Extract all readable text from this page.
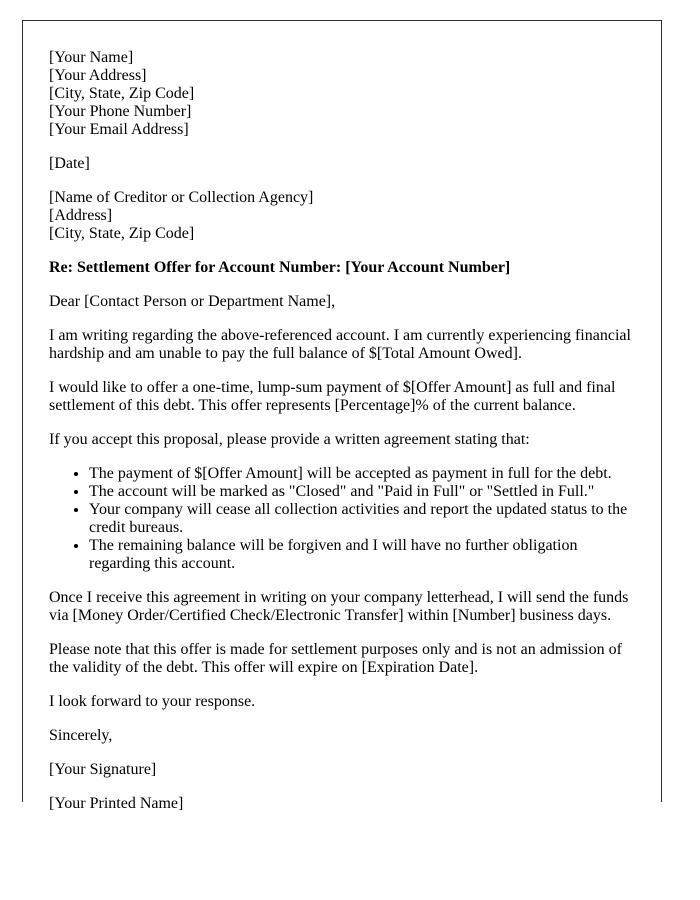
[Your Name]
[Your Address]
[City, State, Zip Code]
[Your Phone Number]
[Your Email Address]

[Date]

[Name of Creditor or Collection Agency]
[Address]
[City, State, Zip Code]

Re: Settlement Offer for Account Number: [Your Account Number]

Dear [Contact Person or Department Name],

I am writing regarding the above-referenced account. I am currently experiencing financial hardship and am unable to pay the full balance of $[Total Amount Owed].

I would like to offer a one-time, lump-sum payment of $[Offer Amount] as full and final settlement of this debt. This offer represents [Percentage]% of the current balance.

If you accept this proposal, please provide a written agreement stating that:

• The payment of $[Offer Amount] will be accepted as payment in full for the debt.
• The account will be marked as "Closed" and "Paid in Full" or "Settled in Full."
• Your company will cease all collection activities and report the updated status to the credit bureaus.
• The remaining balance will be forgiven and I will have no further obligation regarding this account.

Once I receive this agreement in writing on your company letterhead, I will send the funds via [Money Order/Certified Check/Electronic Transfer] within [Number] business days.

Please note that this offer is made for settlement purposes only and is not an admission of the validity of the debt. This offer will expire on [Expiration Date].

I look forward to your response.

Sincerely,

[Your Signature]

[Your Printed Name]
